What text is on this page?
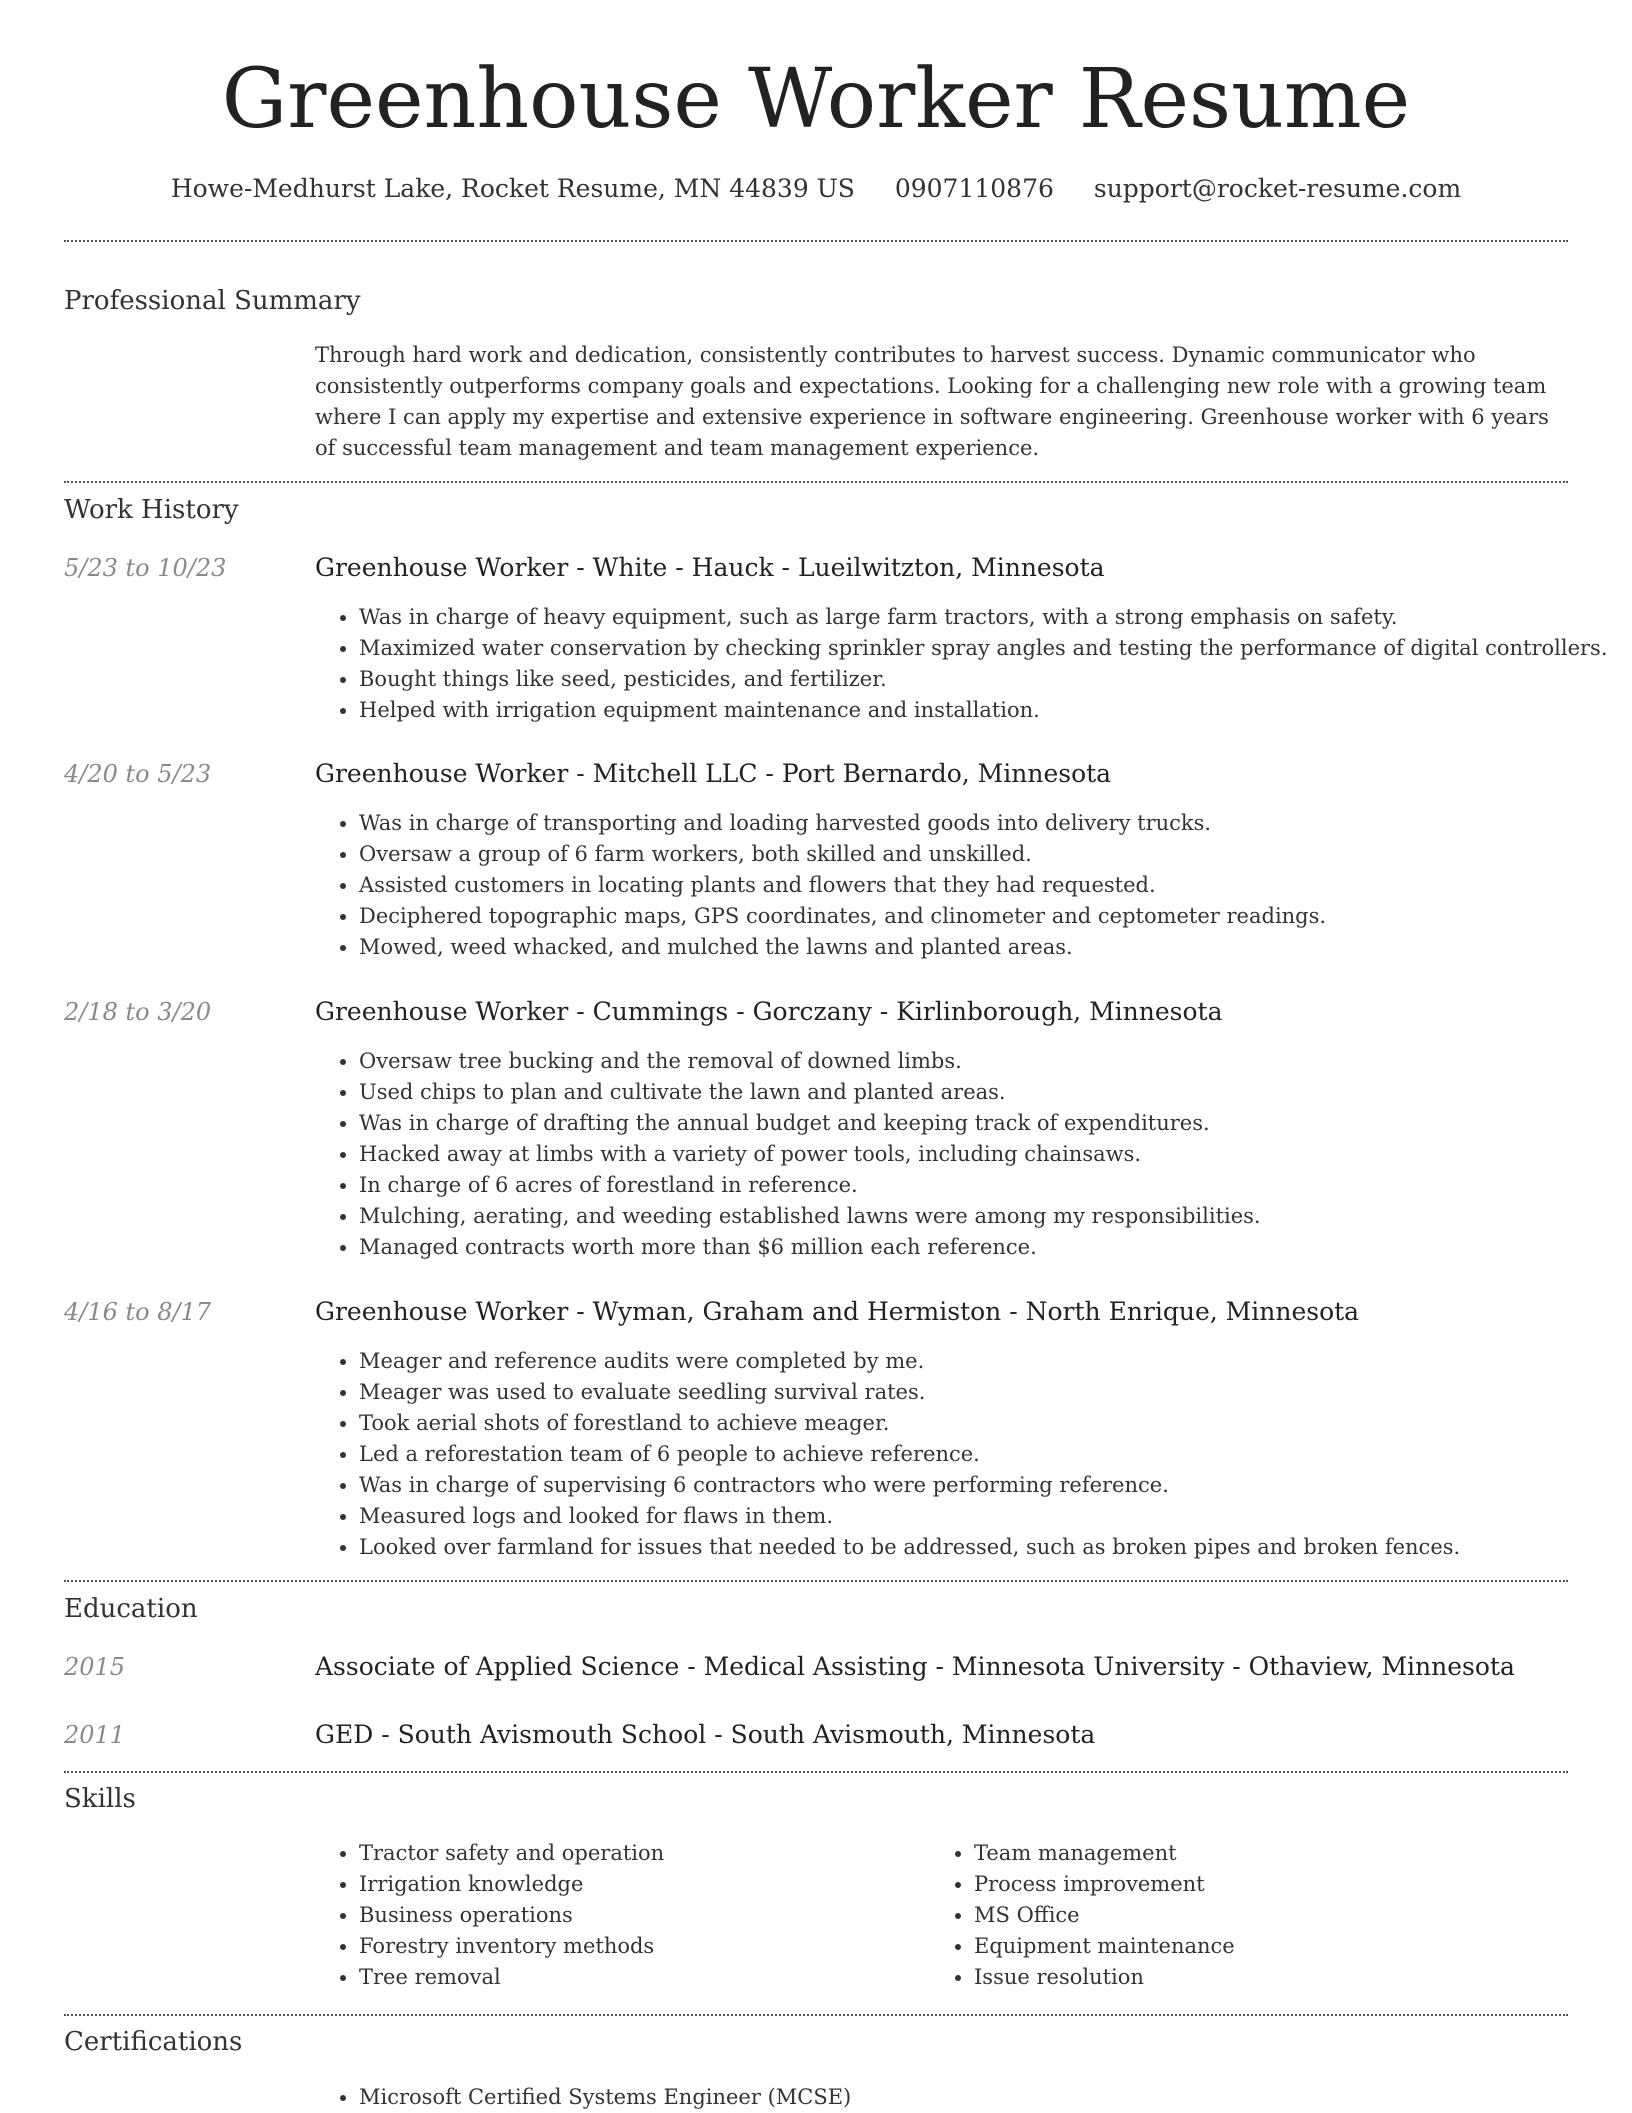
Greenhouse Worker Resume
Howe-Medhurst Lake, Rocket Resume, MN 44839 US 0907110876 support@rocket-resume.com
Professional Summary

Through hard work and dedication, consistently contributes to harvest success. Dynamic communicator who consistently outperforms company goals and expectations. Looking for a challenging new role with a growing team where I can apply my expertise and extensive experience in software engineering. Greenhouse worker with 6 years of successful team management and team management experience.

Work History
5/23 to 10/23	Greenhouse Worker - White - Hauck - Lueilwitzton, Minnesota
• Was in charge of heavy equipment, such as large farm tractors, with a strong emphasis on safety.
• Maximized water conservation by checking sprinkler spray angles and testing the performance of digital controllers.
• Bought things like seed, pesticides, and fertilizer.
• Helped with irrigation equipment maintenance and installation.
4/20 to 5/23	Greenhouse Worker - Mitchell LLC - Port Bernardo, Minnesota
• Was in charge of transporting and loading harvested goods into delivery trucks.
• Oversaw a group of 6 farm workers, both skilled and unskilled.
• Assisted customers in locating plants and flowers that they had requested.
• Deciphered topographic maps, GPS coordinates, and clinometer and ceptometer readings.
• Mowed, weed whacked, and mulched the lawns and planted areas.
2/18 to 3/20	Greenhouse Worker - Cummings - Gorczany - Kirlinborough, Minnesota
• Oversaw tree bucking and the removal of downed limbs.
• Used chips to plan and cultivate the lawn and planted areas.
• Was in charge of drafting the annual budget and keeping track of expenditures.
• Hacked away at limbs with a variety of power tools, including chainsaws.
• In charge of 6 acres of forestland in reference.
• Mulching, aerating, and weeding established lawns were among my responsibilities.
• Managed contracts worth more than $6 million each reference.
4/16 to 8/17	Greenhouse Worker - Wyman, Graham and Hermiston - North Enrique, Minnesota
• Meager and reference audits were completed by me.
• Meager was used to evaluate seedling survival rates.
• Took aerial shots of forestland to achieve meager.
• Led a reforestation team of 6 people to achieve reference.
• Was in charge of supervising 6 contractors who were performing reference.
• Measured logs and looked for flaws in them.
• Looked over farmland for issues that needed to be addressed, such as broken pipes and broken fences.
Education
2015	Associate of Applied Science - Medical Assisting - Minnesota University - Othaview, Minnesota
2011	GED - South Avismouth School - South Avismouth, Minnesota
Skills
• Tractor safety and operation
• Irrigation knowledge
• Business operations
• Forestry inventory methods
• Tree removal
• Team management
• Process improvement
• MS Office
• Equipment maintenance
• Issue resolution
Certifications
• Microsoft Certified Systems Engineer (MCSE)
